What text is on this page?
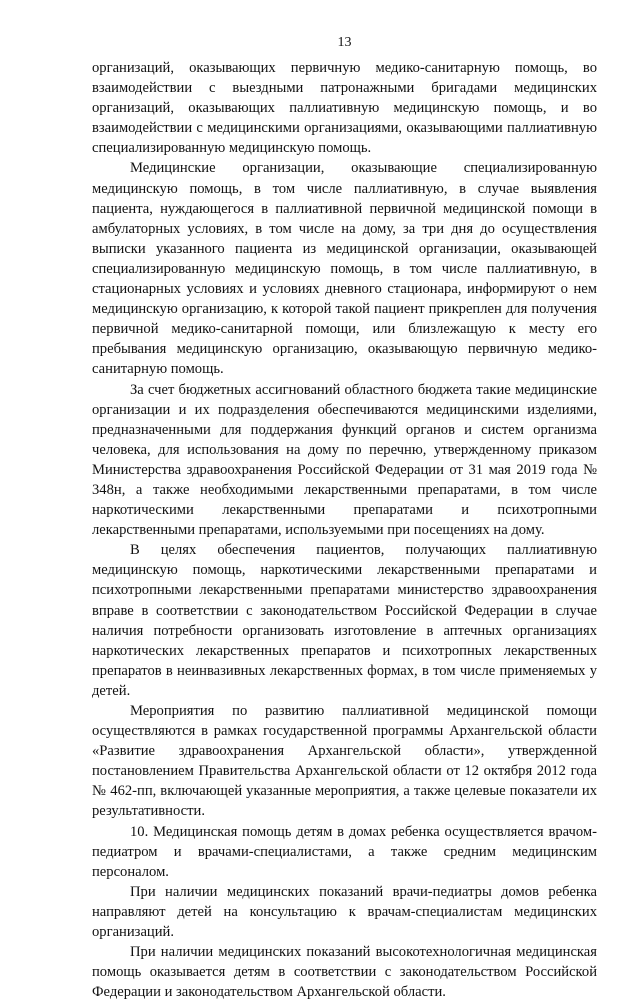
13

организаций, оказывающих первичную медико-санитарную помощь, во взаимодействии с выездными патронажными бригадами медицинских организаций, оказывающих паллиативную медицинскую помощь, и во взаимодействии с медицинскими организациями, оказывающими паллиативную специализированную медицинскую помощь.

Медицинские организации, оказывающие специализированную медицинскую помощь, в том числе паллиативную, в случае выявления пациента, нуждающегося в паллиативной первичной медицинской помощи в амбулаторных условиях, в том числе на дому, за три дня до осуществления выписки указанного пациента из медицинской организации, оказывающей специализированную медицинскую помощь, в том числе паллиативную, в стационарных условиях и условиях дневного стационара, информируют о нем медицинскую организацию, к которой такой пациент прикреплен для получения первичной медико-санитарной помощи, или близлежащую к месту его пребывания медицинскую организацию, оказывающую первичную медико-санитарную помощь.

За счет бюджетных ассигнований областного бюджета такие медицинские организации и их подразделения обеспечиваются медицинскими изделиями, предназначенными для поддержания функций органов и систем организма человека, для использования на дому по перечню, утвержденному приказом Министерства здравоохранения Российской Федерации от 31 мая 2019 года № 348н, а также необходимыми лекарственными препаратами, в том числе наркотическими лекарственными препаратами и психотропными лекарственными препаратами, используемыми при посещениях на дому.

В целях обеспечения пациентов, получающих паллиативную медицинскую помощь, наркотическими лекарственными препаратами и психотропными лекарственными препаратами министерство здравоохранения вправе в соответствии с законодательством Российской Федерации в случае наличия потребности организовать изготовление в аптечных организациях наркотических лекарственных препаратов и психотропных лекарственных препаратов в неинвазивных лекарственных формах, в том числе применяемых у детей.

Мероприятия по развитию паллиативной медицинской помощи осуществляются в рамках государственной программы Архангельской области «Развитие здравоохранения Архангельской области», утвержденной постановлением Правительства Архангельской области от 12 октября 2012 года № 462-пп, включающей указанные мероприятия, а также целевые показатели их результативности.

10. Медицинская помощь детям в домах ребенка осуществляется врачом-педиатром и врачами-специалистами, а также средним медицинским персоналом.

При наличии медицинских показаний врачи-педиатры домов ребенка направляют детей на консультацию к врачам-специалистам медицинских организаций.

При наличии медицинских показаний высокотехнологичная медицинская помощь оказывается детям в соответствии с законодательством Российской Федерации и законодательством Архангельской области.
